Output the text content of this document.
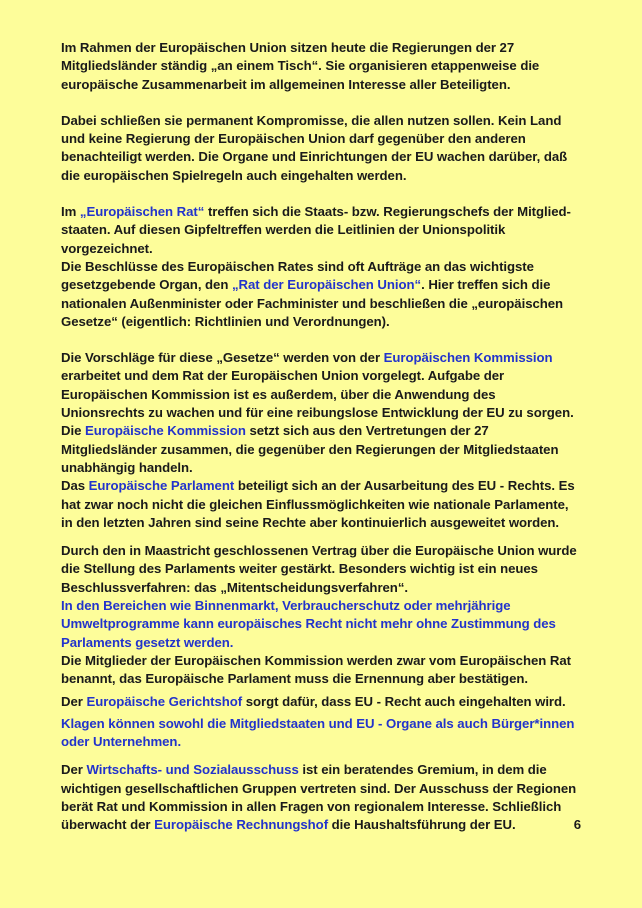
Im Rahmen der Europäischen Union sitzen heute die Regierungen der 27 Mitgliedsländer ständig „an einem Tisch“. Sie organisieren etappenweise die europäische Zusammenarbeit im allgemeinen Interesse aller Beteiligten.

Dabei schließen sie permanent Kompromisse, die allen nutzen sollen. Kein Land und keine Regierung der Europäischen Union darf gegenüber den anderen benachteiligt werden. Die Organe und Einrichtungen der EU wachen darüber, daß die europäischen Spielregeln auch eingehalten werden.

Im „Europäischen Rat“ treffen sich die Staats- bzw. Regierungschefs der Mitglied-staaten. Auf diesen Gipfeltreffen werden die Leitlinien der Unionspolitik vorgezeichnet.

Die Beschlüsse des Europäischen Rates sind oft Aufträge an das wichtigste gesetzgebende Organ, den „Rat der Europäischen Union“. Hier treffen sich die nationalen Außenminister oder Fachminister und beschließen die „europäischen Gesetze“ (eigentlich: Richtlinien und Verordnungen).

Die Vorschläge für diese „Gesetze“ werden von der Europäischen Kommission erarbeitet und dem Rat der Europäischen Union vorgelegt. Aufgabe der Europäischen Kommission ist es außerdem, über die Anwendung des Unionsrechts zu wachen und für eine reibungslose Entwicklung der EU zu sorgen.

Die Europäische Kommission setzt sich aus den Vertretungen der 27 Mitgliedsländer zusammen, die gegenüber den Regierungen der Mitgliedstaaten unabhängig handeln.

Das Europäische Parlament beteiligt sich an der Ausarbeitung des EU - Rechts. Es hat zwar noch nicht die gleichen Einflussmöglichkeiten wie nationale Parlamente, in den letzten Jahren sind seine Rechte aber kontinuierlich ausgeweitet worden.

Durch den in Maastricht geschlossenen Vertrag über die Europäische Union wurde die Stellung des Parlaments weiter gestärkt. Besonders wichtig ist ein neues Beschlussverfahren: das „Mitentscheidungsverfahren“.

In den Bereichen wie Binnenmarkt, Verbraucherschutz oder mehrjährige Umweltprogramme kann europäisches Recht nicht mehr ohne Zustimmung des Parlaments gesetzt werden.

Die Mitglieder der Europäischen Kommission werden zwar vom Europäischen Rat benannt, das Europäische Parlament muss die Ernennung aber bestätigen.

Der Europäische Gerichtshof sorgt dafür, dass EU - Recht auch eingehalten wird.

Klagen können sowohl die Mitgliedstaaten und EU - Organe als auch Bürger*innen oder Unternehmen.

Der Wirtschafts- und Sozialausschuss ist ein beratendes Gremium, in dem die wichtigen gesellschaftlichen Gruppen vertreten sind. Der Ausschuss der Regionen berät Rat und Kommission in allen Fragen von regionalem Interesse. Schließlich überwacht der Europäische Rechnungshof die Haushaltsführung der EU.	6
